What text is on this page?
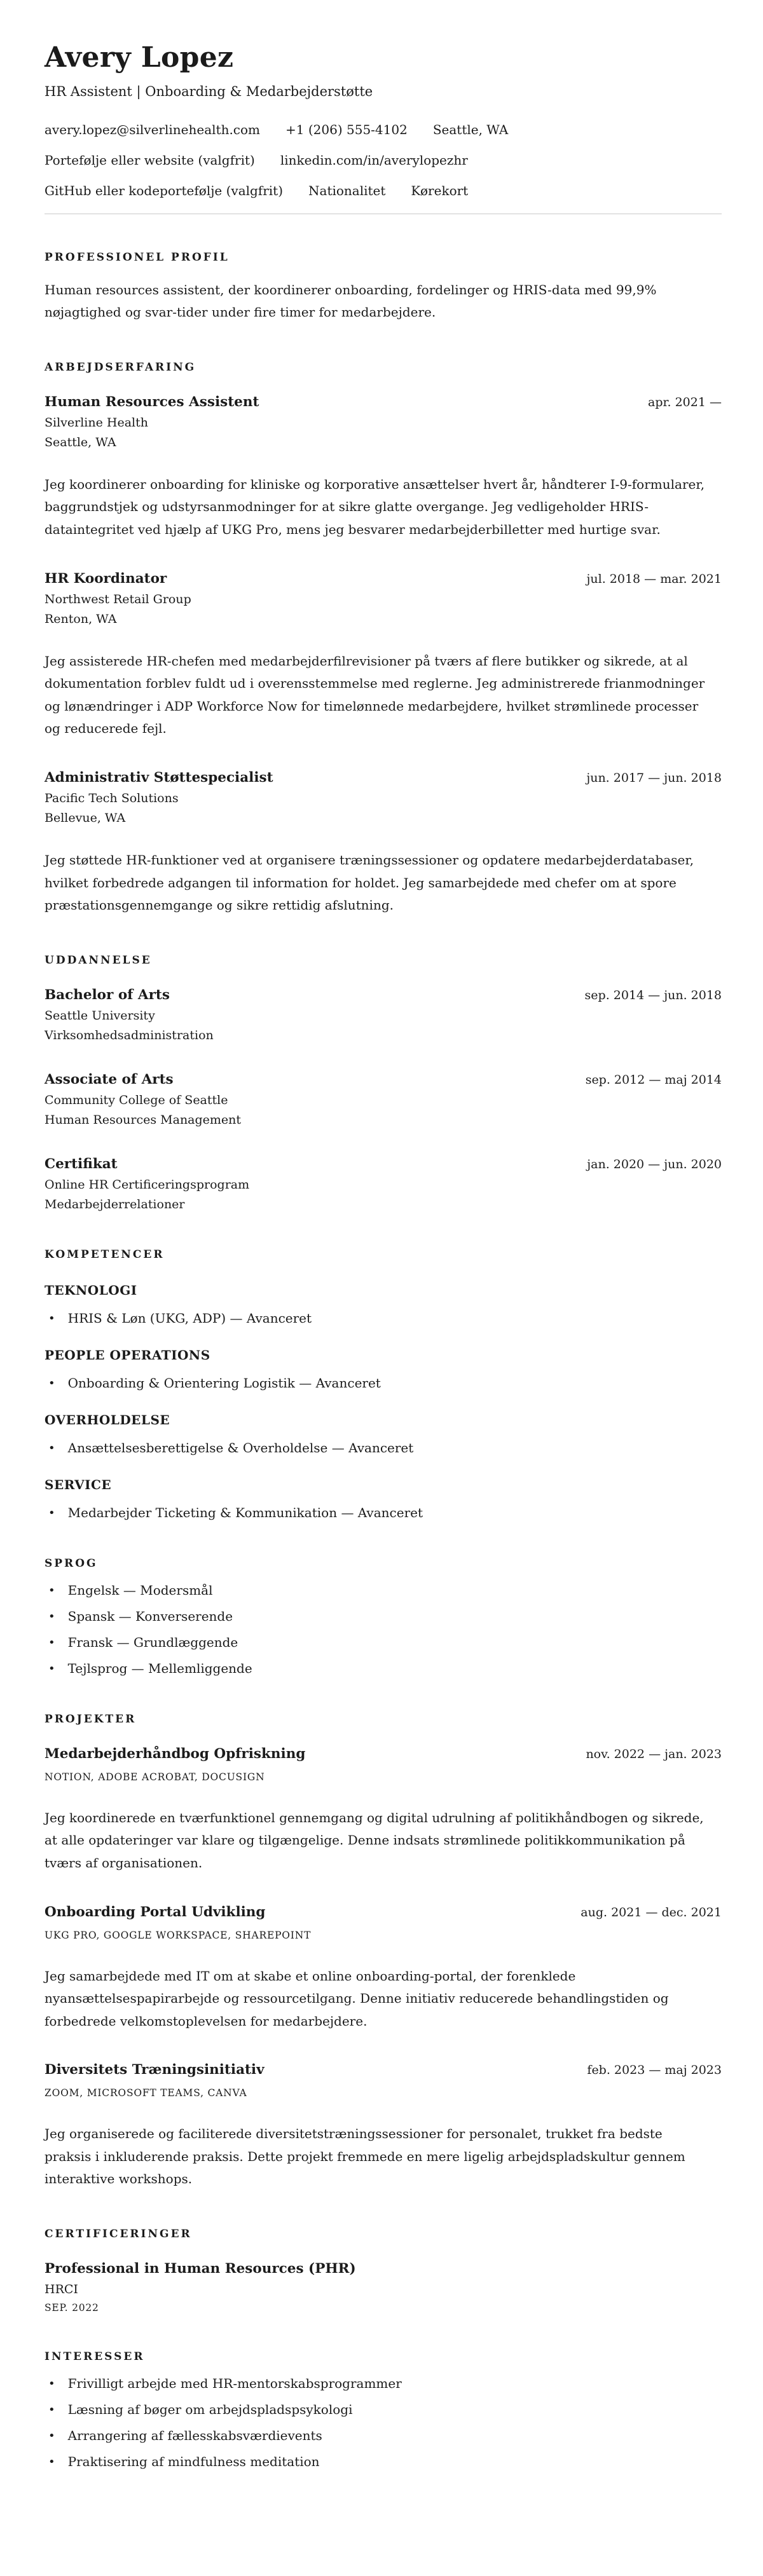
Avery Lopez
HR Assistent | Onboarding & Medarbejderstøtte
avery.lopez@silverlinehealth.com +1 (206) 555-4102 Seattle, WA
Portefølje eller website (valgfrit) linkedin.com/in/averylopezhr
GitHub eller kodeportefølje (valgfrit) Nationalitet Kørekort
PROFESSIONEL PROFIL

Human resources assistent, der koordinerer onboarding, fordelinger og HRIS-data med 99,9% nøjagtighed og svar-tider under fire timer for medarbejdere.

ARBEJDSERFARING
Human Resources Assistent	apr. 2021 —
Silverline Health
Seattle, WA

Jeg koordinerer onboarding for kliniske og korporative ansættelser hvert år, håndterer I-9-formularer, baggrundstjek og udstyrsanmodninger for at sikre glatte overgange. Jeg vedligeholder HRIS-dataintegritet ved hjælp af UKG Pro, mens jeg besvarer medarbejderbilletter med hurtige svar.

HR Koordinator	jul. 2018 — mar. 2021
Northwest Retail Group
Renton, WA

Jeg assisterede HR-chefen med medarbejderfilrevisioner på tværs af flere butikker og sikrede, at al dokumentation forblev fuldt ud i overensstemmelse med reglerne. Jeg administrerede frianmodninger og lønændringer i ADP Workforce Now for timelønnede medarbejdere, hvilket strømlinede processer og reducerede fejl.

Administrativ Støttespecialist	jun. 2017 — jun. 2018
Pacific Tech Solutions
Bellevue, WA

Jeg støttede HR-funktioner ved at organisere træningssessioner og opdatere medarbejderdatabaser, hvilket forbedrede adgangen til information for holdet. Jeg samarbejdede med chefer om at spore præstationsgennemgange og sikre rettidig afslutning.

UDDANNELSE
Bachelor of Arts	sep. 2014 — jun. 2018
Seattle University
Virksomhedsadministration
Associate of Arts	sep. 2012 — maj 2014
Community College of Seattle
Human Resources Management
Certifikat	jan. 2020 — jun. 2020
Online HR Certificeringsprogram
Medarbejderrelationer
KOMPETENCER
TEKNOLOGI
• HRIS & Løn (UKG, ADP) — Avanceret
PEOPLE OPERATIONS
• Onboarding & Orientering Logistik — Avanceret
OVERHOLDELSE
• Ansættelsesberettigelse & Overholdelse — Avanceret
SERVICE
• Medarbejder Ticketing & Kommunikation — Avanceret
SPROG
• Engelsk — Modersmål
• Spansk — Konverserende
• Fransk — Grundlæggende
• Tejlsprog — Mellemliggende
PROJEKTER
Medarbejderhåndbog Opfriskning	nov. 2022 — jan. 2023
NOTION, ADOBE ACROBAT, DOCUSIGN

Jeg koordinerede en tværfunktionel gennemgang og digital udrulning af politikhåndbogen og sikrede, at alle opdateringer var klare og tilgængelige. Denne indsats strømlinede politikkommunikation på tværs af organisationen.

Onboarding Portal Udvikling	aug. 2021 — dec. 2021
UKG PRO, GOOGLE WORKSPACE, SHAREPOINT

Jeg samarbejdede med IT om at skabe et online onboarding-portal, der forenklede nyansættelsespapirarbejde og ressourcetilgang. Denne initiativ reducerede behandlingstiden og forbedrede velkomstoplevelsen for medarbejdere.

Diversitets Træningsinitiativ	feb. 2023 — maj 2023
ZOOM, MICROSOFT TEAMS, CANVA

Jeg organiserede og faciliterede diversitetstræningssessioner for personalet, trukket fra bedste praksis i inkluderende praksis. Dette projekt fremmede en mere ligelig arbejdspladskultur gennem interaktive workshops.

CERTIFICERINGER
Professional in Human Resources (PHR)
HRCI
SEP. 2022
INTERESSER
• Frivilligt arbejde med HR-mentorskabsprogrammer
• Læsning af bøger om arbejdspladspsykologi
• Arrangering af fællesskabsværdievents
• Praktisering af mindfulness meditation
